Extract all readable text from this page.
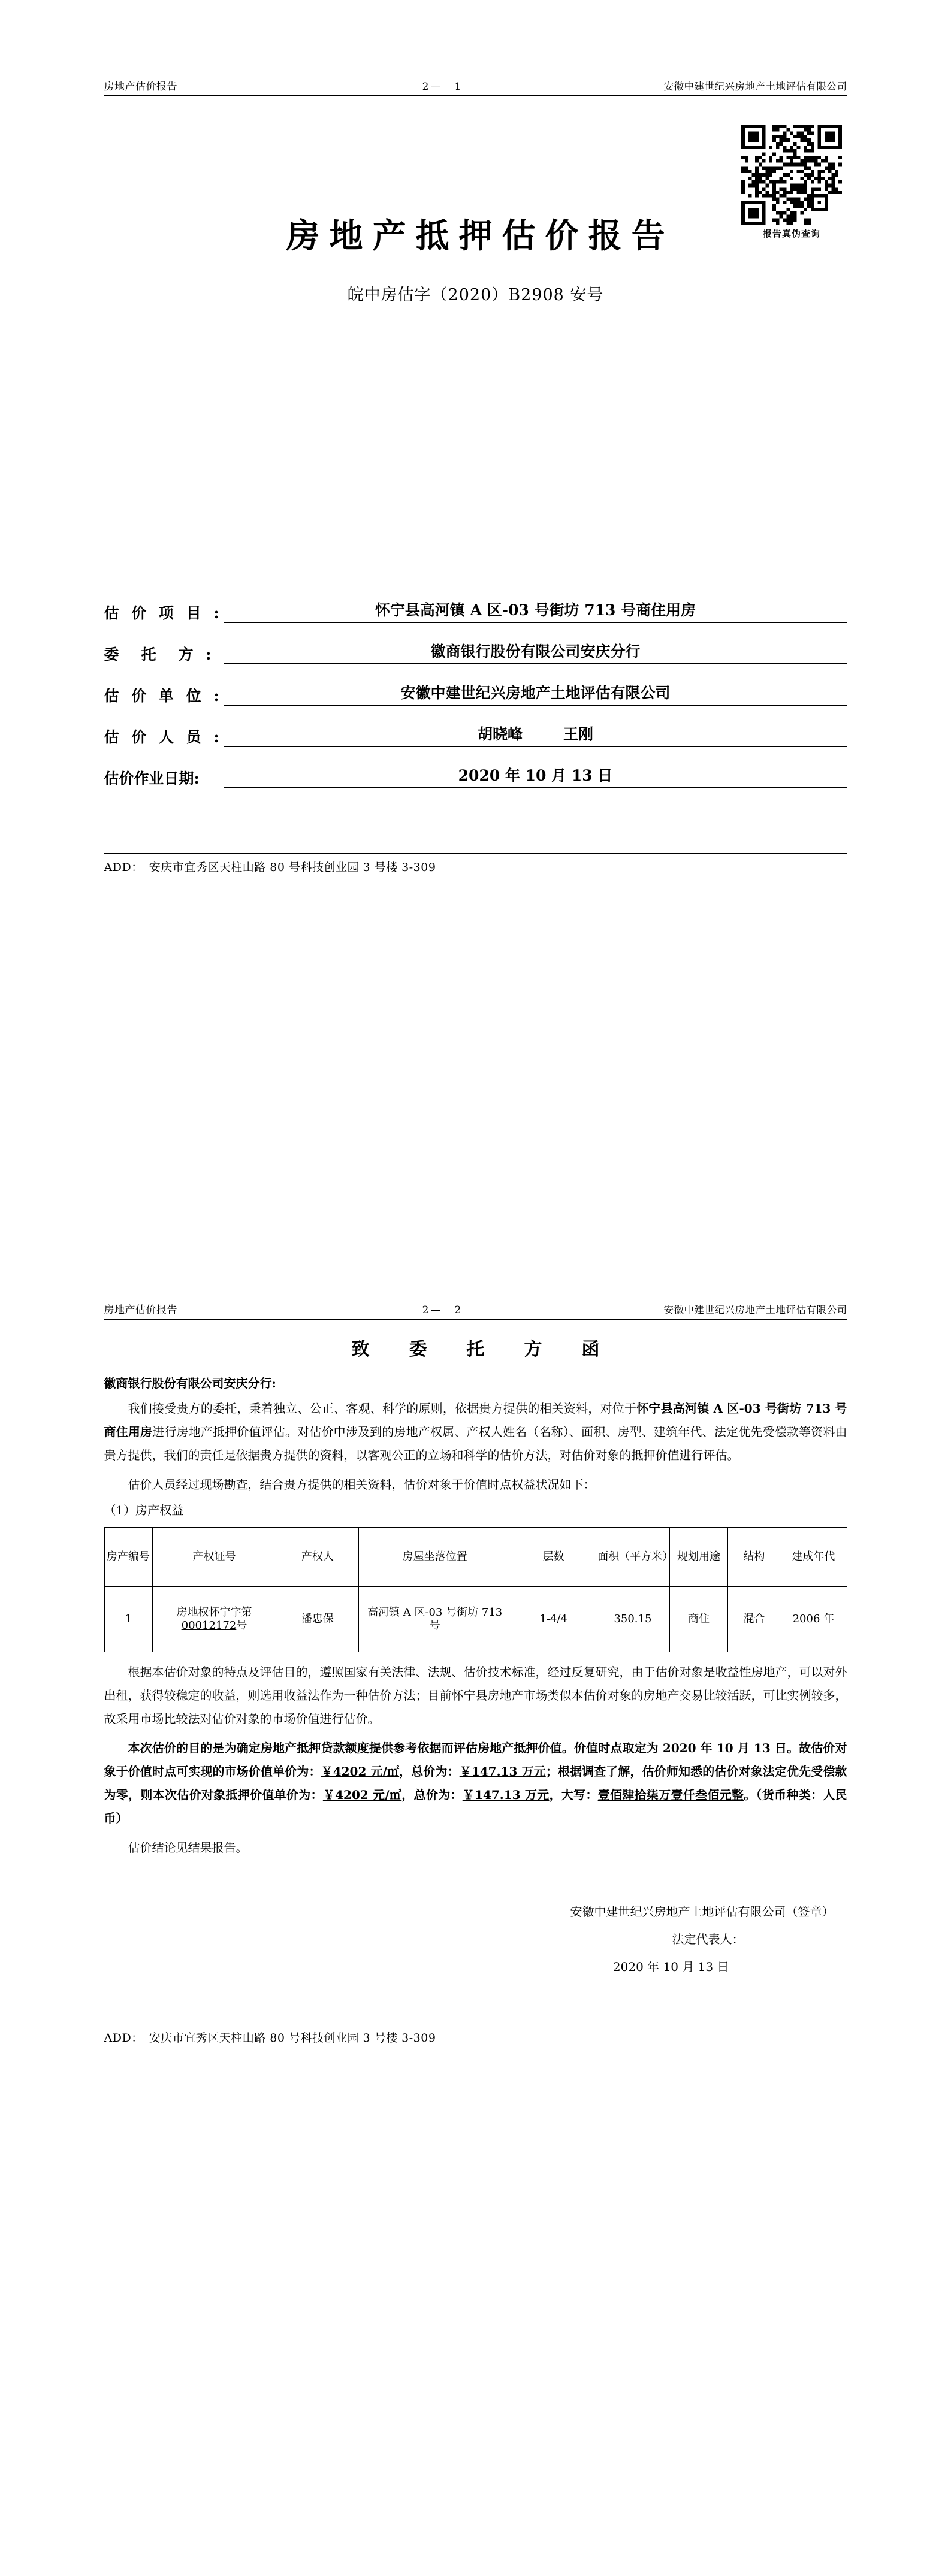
房地产估价报告	2—　1	安徽中建世纪兴房地产土地评估有限公司
报告真伪查询
房地产抵押估价报告
皖中房估字（2020）B2908 安号
估 价 项 目 :	怀宁县高河镇 A 区-03 号街坊 713 号商住用房
委　托　方 :	徽商银行股份有限公司安庆分行
估 价 单 位 :	安徽中建世纪兴房地产土地评估有限公司
估 价 人 员 :	胡晓峰	王刚
估价作业日期:	2020 年 10 月 13 日
ADD：　安庆市宜秀区天柱山路 80 号科技创业园 3 号楼 3-309
房地产估价报告	2—　2	安徽中建世纪兴房地产土地评估有限公司
致　委　托　方　函
徽商银行股份有限公司安庆分行:

我们接受贵方的委托，秉着独立、公正、客观、科学的原则，依据贵方提供的相关资料，对位于怀宁县高河镇 A 区-03 号街坊 713 号商住用房进行房地产抵押价值评估。对估价中涉及到的房地产权属、产权人姓名（名称）、面积、房型、建筑年代、法定优先受偿款等资料由贵方提供，我们的责任是依据贵方提供的资料，以客观公正的立场和科学的估价方法，对估价对象的抵押价值进行评估。

估价人员经过现场勘查，结合贵方提供的相关资料，估价对象于价值时点权益状况如下：

（1）房产权益

房产编号	产权证号	产权人	房屋坐落位置	层数	面积（平方米）	规划用途	结构	建成年代
1	房地权怀宁字第00012172号	潘忠保	高河镇 A 区-03 号街坊 713 号	1-4/4	350.15	商住	混合	2006 年

根据本估价对象的特点及评估目的，遵照国家有关法律、法规、估价技术标准，经过反复研究，由于估价对象是收益性房地产，可以对外出租，获得较稳定的收益，则选用收益法作为一种估价方法；目前怀宁县房地产市场类似本估价对象的房地产交易比较活跃，可比实例较多，故采用市场比较法对估价对象的市场价值进行估价。

本次估价的目的是为确定房地产抵押贷款额度提供参考依据而评估房地产抵押价值。价值时点取定为 2020 年 10 月 13 日。故估价对象于价值时点可实现的市场价值单价为：￥4202 元/㎡，总价为：￥147.13 万元；根据调查了解，估价师知悉的估价对象法定优先受偿款为零，则本次估价对象抵押价值单价为：￥4202 元/㎡，总价为：￥147.13 万元，大写：壹佰肆拾柒万壹仟叁佰元整。（货币种类：人民币）

估价结论见结果报告。

安徽中建世纪兴房地产土地评估有限公司（签章）
法定代表人：
2020 年 10 月 13 日
ADD：　安庆市宜秀区天柱山路 80 号科技创业园 3 号楼 3-309
